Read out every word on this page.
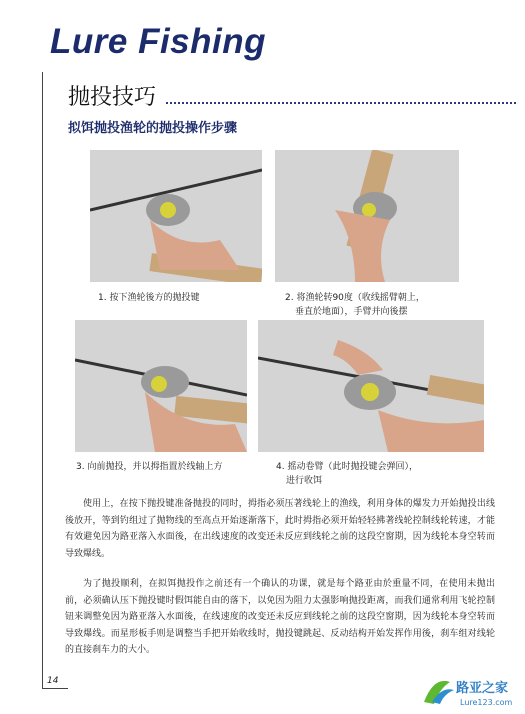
Lure Fishing
抛投技巧
拟饵抛投渔轮的抛投操作步骤
1. 按下渔轮後方的抛投键	2. 将渔轮转90度（收线摇臂朝上，
垂直於地面），手臂并向後摆
3. 向前抛投，并以拇指置於线轴上方	4. 摇动卷臂（此时抛投键会弹回），
进行收饵
使用上，在按下抛投键准备抛投的同时，拇指必须压著线轮上的渔线，利用身体的爆发力开始抛投出线後放开，等到钓组过了抛物线的至高点开始逐渐落下，此时拇指必须开始轻轻拂著线轮控制线轮转速，才能有效避免因为路亚落入水面後，在出线速度的改变还未反应到线轮之前的这段空窗期，因为线轮本身空转而导致爆线。
为了抛投顺利，在拟饵抛投作之前还有一个确认的功课，就是每个路亚由於重量不同，在使用未抛出前，必须确认压下抛投键时假饵能自由的落下，以免因为阻力太强影响抛投距离，而我们通常利用飞轮控制钮来调整免因为路亚落入水面後，在线速度的改变还未反应到线轮之前的这段空窗期，因为线轮本身空转而导致爆线。而星形板手则是调整当手把开始收线时，抛投键跳起、反动结构开始发挥作用後，刹车组对线轮的直接刹车力的大小。
14	路亚之家
Lure123.com
